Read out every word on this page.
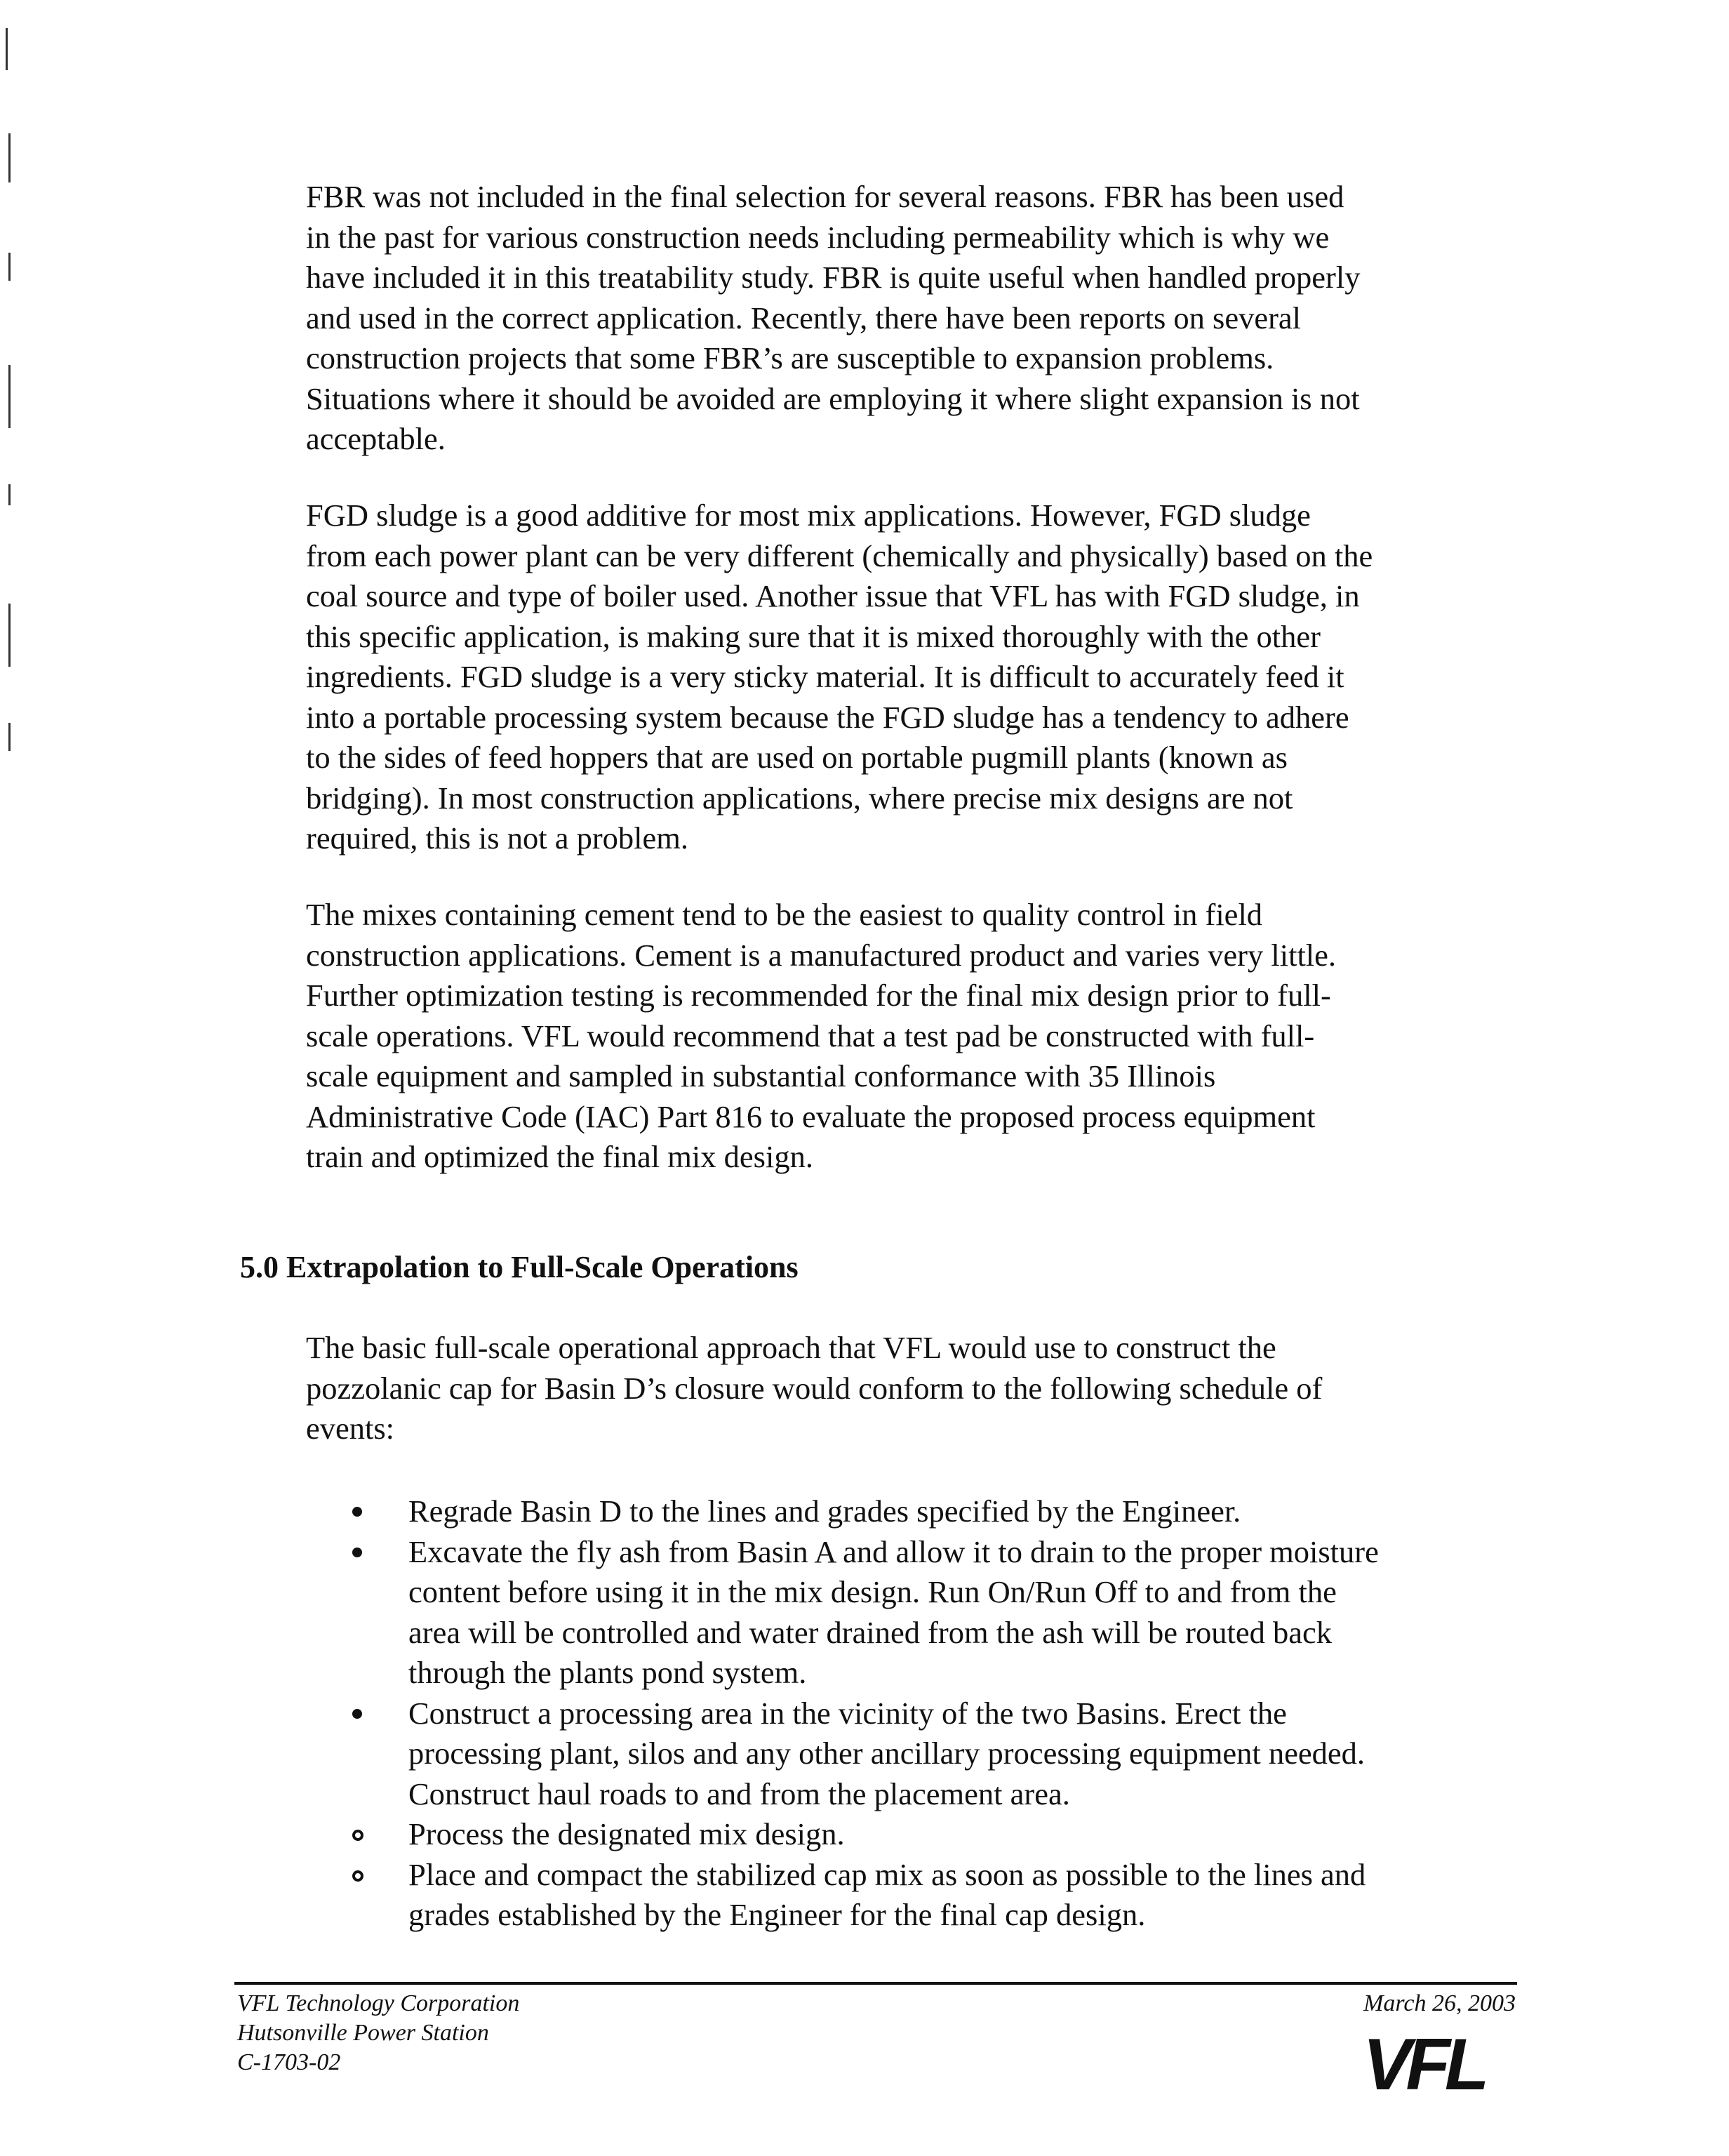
FBR was not included in the final selection for several reasons. FBR has been used
in the past for various construction needs including permeability which is why we
have included it in this treatability study. FBR is quite useful when handled properly
and used in the correct application. Recently, there have been reports on several
construction projects that some FBR’s are susceptible to expansion problems.
Situations where it should be avoided are employing it where slight expansion is not
acceptable.

FGD sludge is a good additive for most mix applications. However, FGD sludge
from each power plant can be very different (chemically and physically) based on the
coal source and type of boiler used. Another issue that VFL has with FGD sludge, in
this specific application, is making sure that it is mixed thoroughly with the other
ingredients. FGD sludge is a very sticky material. It is difficult to accurately feed it
into a portable processing system because the FGD sludge has a tendency to adhere
to the sides of feed hoppers that are used on portable pugmill plants (known as
bridging). In most construction applications, where precise mix designs are not
required, this is not a problem.

The mixes containing cement tend to be the easiest to quality control in field
construction applications. Cement is a manufactured product and varies very little.
Further optimization testing is recommended for the final mix design prior to full-
scale operations. VFL would recommend that a test pad be constructed with full-
scale equipment and sampled in substantial conformance with 35 Illinois
Administrative Code (IAC) Part 816 to evaluate the proposed process equipment
train and optimized the final mix design.

5.0 Extrapolation to Full-Scale Operations

The basic full-scale operational approach that VFL would use to construct the
pozzolanic cap for Basin D’s closure would conform to the following schedule of
events:

Regrade Basin D to the lines and grades specified by the Engineer.
Excavate the fly ash from Basin A and allow it to drain to the proper moisture
content before using it in the mix design. Run On/Run Off to and from the
area will be controlled and water drained from the ash will be routed back
through the plants pond system.
Construct a processing area in the vicinity of the two Basins. Erect the
processing plant, silos and any other ancillary processing equipment needed.
Construct haul roads to and from the placement area.
Process the designated mix design.
Place and compact the stabilized cap mix as soon as possible to the lines and
grades established by the Engineer for the final cap design.
VFL Technology Corporation
Hutsonville Power Station
C-1703-02
March 26, 2003
VFL
